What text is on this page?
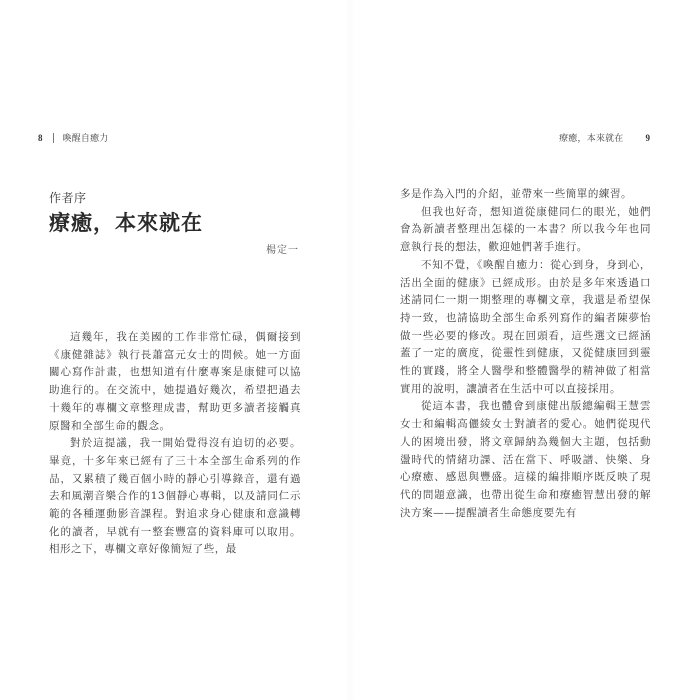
8 喚醒自癒力
作者序
療癒，本來就在
楊定一

這幾年，我在美國的工作非常忙碌，偶爾接到《康健雜誌》執行長蕭富元女士的問候。她一方面關心寫作計畫，也想知道有什麼專案是康健可以協助進行的。在交流中，她提過好幾次，希望把過去十幾年的專欄文章整理成書，幫助更多讀者接觸真原醫和全部生命的觀念。

對於這提議，我一開始覺得沒有迫切的必要。畢竟，十多年來已經有了三十本全部生命系列的作品，又累積了幾百個小時的靜心引導錄音，還有過去和風潮音樂合作的13個靜心專輯，以及請同仁示範的各種運動影音課程。對追求身心健康和意識轉化的讀者，早就有一整套豐富的資料庫可以取用。相形之下，專欄文章好像簡短了些，最

療癒，本來就在 9

多是作為入門的介紹，並帶來一些簡單的練習。

但我也好奇，想知道從康健同仁的眼光，她們會為新讀者整理出怎樣的一本書？所以我今年也同意執行長的想法，歡迎她們著手進行。

不知不覺，《喚醒自癒力：從心到身，身到心，活出全面的健康》已經成形。由於是多年來透過口述請同仁一期一期整理的專欄文章，我還是希望保持一致，也請協助全部生命系列寫作的編者陳夢怡做一些必要的修改。現在回頭看，這些選文已經涵蓋了一定的廣度，從靈性到健康，又從健康回到靈性的實踐，將全人醫學和整體醫學的精神做了相當實用的說明，讓讀者在生活中可以直接採用。

從這本書，我也體會到康健出版總編輯王慧雲女士和編輯高儷綾女士對讀者的愛心。她們從現代人的困境出發，將文章歸納為幾個大主題，包括動盪時代的情緒功課、活在當下、呼吸譜、快樂、身心療癒、感恩與豐盛。這樣的編排順序既反映了現代的問題意識，也帶出從生命和療癒智慧出發的解決方案——提醒讀者生命態度要先有
